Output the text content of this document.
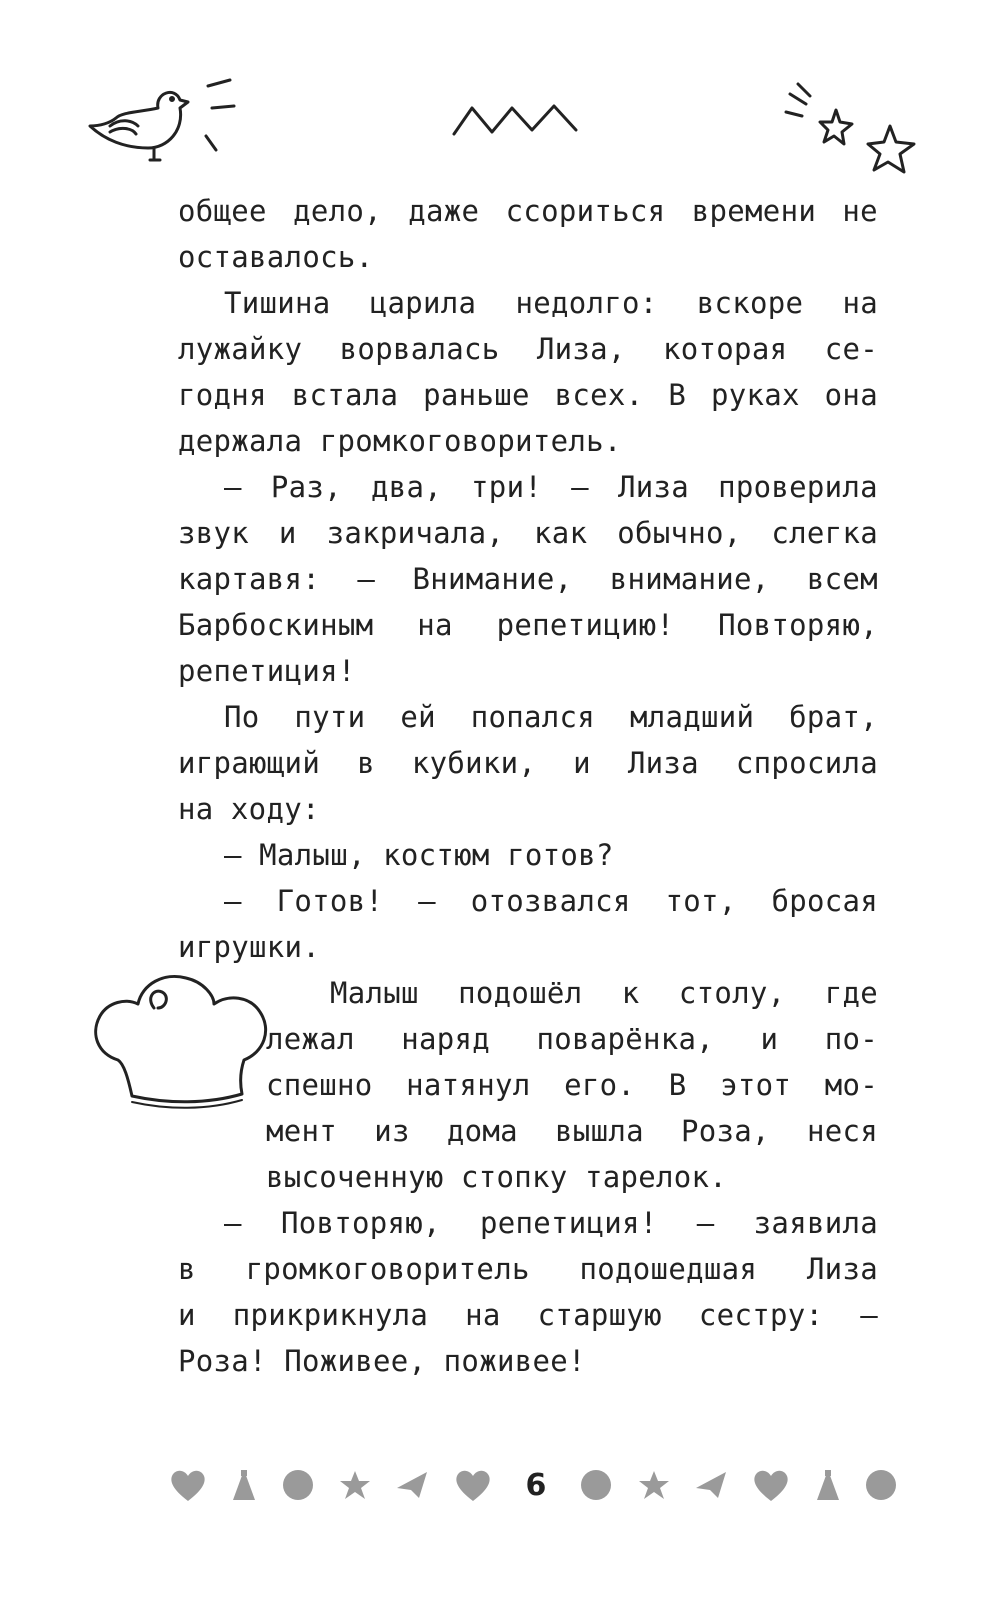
общее дело, даже ссориться времени не
оставалось.
Тишина царила недолго: вскоре на
лужайку ворвалась Лиза, которая се-
годня встала раньше всех. В руках она
держала громкоговоритель.
— Раз, два, три! — Лиза проверила
звук и закричала, как обычно, слегка
картавя: — Внимание, внимание, всем
Барбоскиным на репетицию! Повторяю,
репетиция!
По пути ей попался младший брат,
играющий в кубики, и Лиза спросила
на ходу:
— Малыш, костюм готов?
— Готов! — отозвался тот, бросая
игрушки.
Малыш подошёл к столу, где
лежал наряд поварёнка, и по-
спешно натянул его. В этот мо-
мент из дома вышла Роза, неся
высоченную стопку тарелок.
— Повторяю, репетиция! — заявила
в громкоговоритель подошедшая Лиза
и прикрикнула на старшую сестру: —
Роза! Поживее, поживее!
6
